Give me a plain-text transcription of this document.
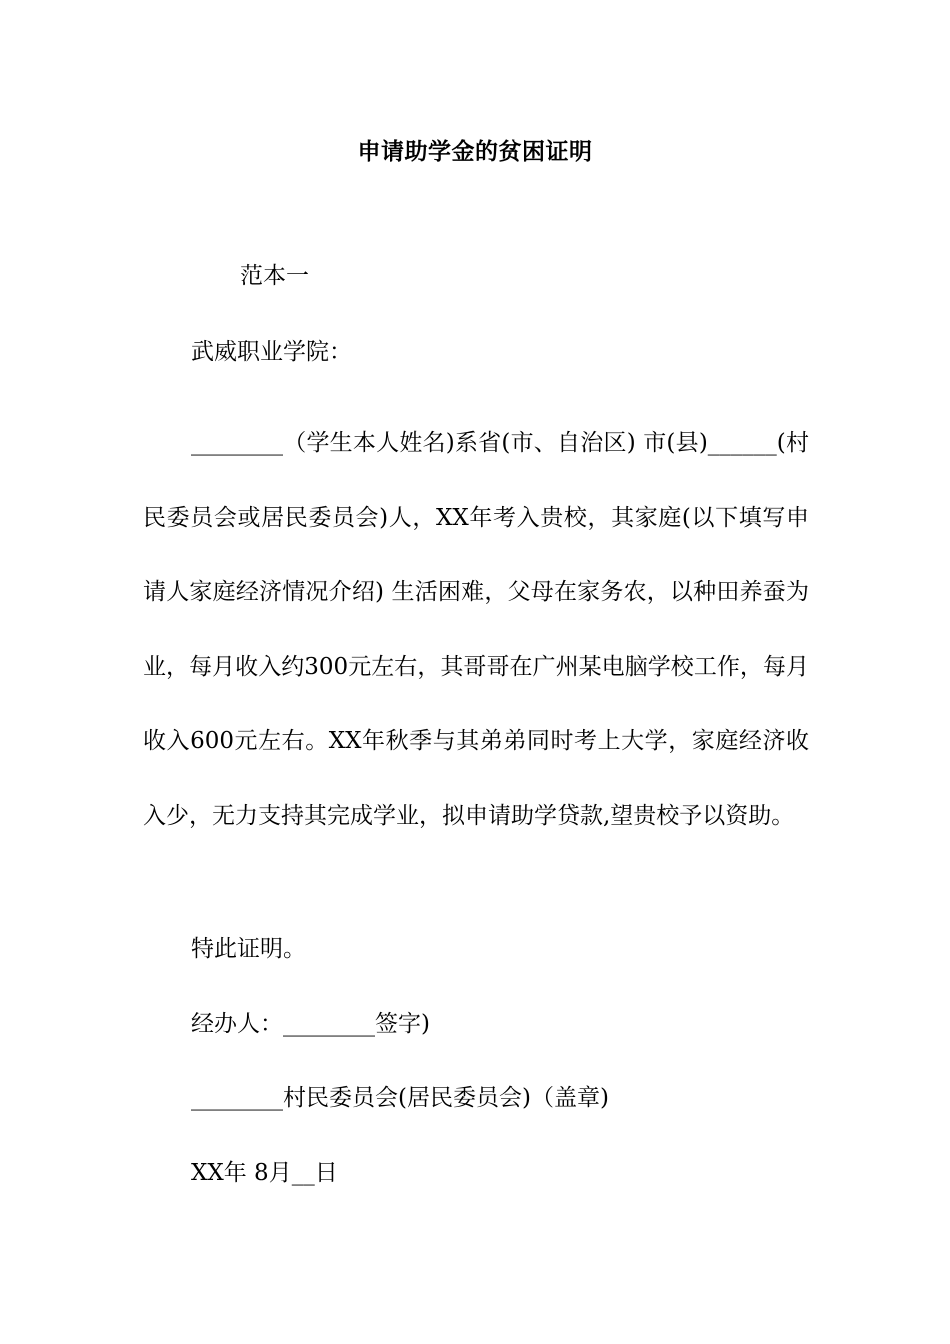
申请助学金的贫困证明
范本一
武威职业学院：

________（学生本人姓名)系省(市、自治区) 市(县)______(村民委员会或居民委员会)人，XX年考入贵校，其家庭(以下填写申请人家庭经济情况介绍) 生活困难，父母在家务农，以种田养蚕为业，每月收入约300元左右，其哥哥在广州某电脑学校工作，每月收入600元左右。XX年秋季与其弟弟同时考上大学，家庭经济收入少，无力支持其完成学业，拟申请助学贷款,望贵校予以资助。

特此证明。
经办人：________签字)
________村民委员会(居民委员会)（盖章)
XX年 8月__日
